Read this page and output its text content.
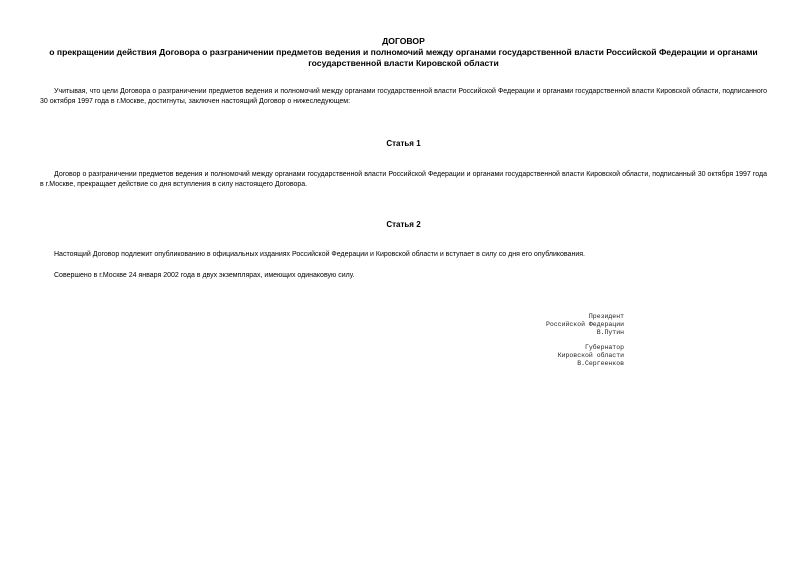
ДОГОВОР
о прекращении действия Договора о разграничении предметов ведения и полномочий между органами государственной власти Российской Федерации и органами государственной власти Кировской области
Учитывая, что цели Договора о разграничении предметов ведения и полномочий между органами государственной власти Российской Федерации и органами государственной власти Кировской области, подписанного 30 октября 1997 года в г.Москве, достигнуты, заключен настоящий Договор о нижеследующем:
Статья 1
Договор о разграничении предметов ведения и полномочий между органами государственной власти Российской Федерации и органами государственной власти Кировской области, подписанный 30 октября 1997 года в г.Москве, прекращает действие со дня вступления в силу настоящего Договора.
Статья 2
Настоящий Договор подлежит опубликованию в официальных изданиях Российской Федерации и Кировской области и вступает в силу со дня его опубликования.
Совершено в г.Москве 24 января 2002 года в двух экземплярах, имеющих одинаковую силу.
Президент
Российской Федерации
В.Путин
Губернатор
Кировской области
В.Сергеенков
